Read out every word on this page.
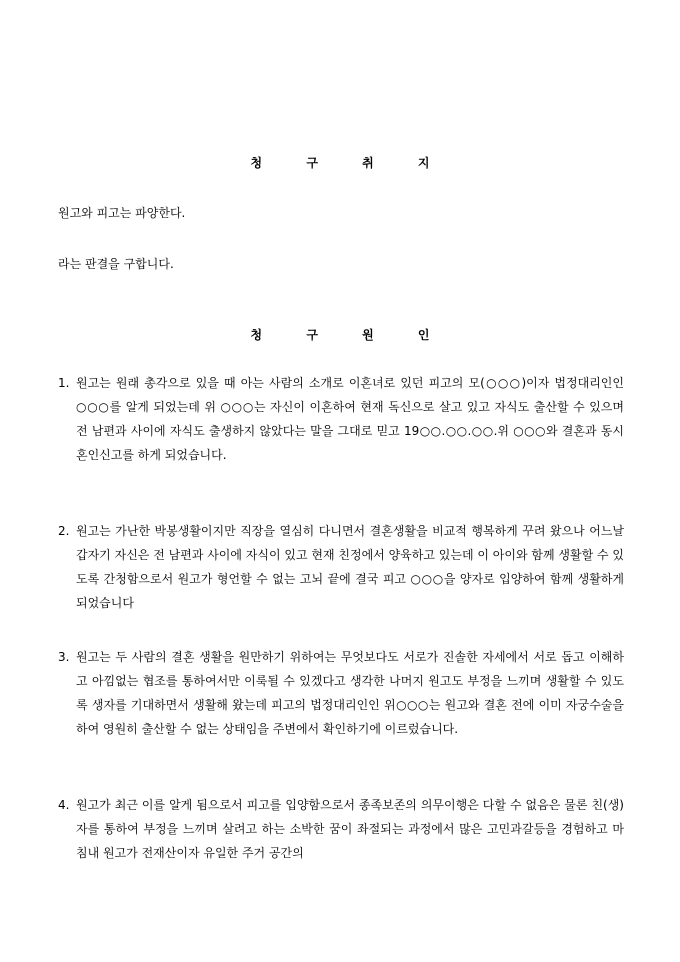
청 구 취 지
원고와 피고는 파양한다.
라는 판결을 구합니다.
청 구 원 인
1. 원고는 원래 총각으로 있을 때 아는 사람의 소개로 이혼녀로 있던 피고의 모(○○○)이자 법정대리인인 ○○○를 알게 되었는데 위 ○○○는 자신이 이혼하여 현재 독신으로 살고 있고 자식도 출산할 수 있으며 전 남편과 사이에 자식도 출생하지 않았다는 말을 그대로 믿고 19○○.○○.○○.위 ○○○와 결혼과 동시 혼인신고를 하게 되었습니다.
2. 원고는 가난한 박봉생활이지만 직장을 열심히 다니면서 결혼생활을 비교적 행복하게 꾸려 왔으나 어느날 갑자기 자신은 전 남편과 사이에 자식이 있고 현재 친정에서 양육하고 있는데 이 아이와 함께 생활할 수 있도록 간청함으로서 원고가 형언할 수 없는 고뇌 끝에 결국 피고 ○○○을 양자로 입양하여 함께 생활하게 되었습니다
3. 원고는 두 사람의 결혼 생활을 원만하기 위하여는 무엇보다도 서로가 진솔한 자세에서 서로 돕고 이해하고 아낌없는 협조를 통하여서만 이룩될 수 있겠다고 생각한 나머지 원고도 부정을 느끼며 생활할 수 있도록 생자를 기대하면서 생활해 왔는데 피고의 법정대리인인 위○○○는 원고와 결혼 전에 이미 자궁수술을 하여 영원히 출산할 수 없는 상태임을 주변에서 확인하기에 이르렀습니다.
4. 원고가 최근 이를 알게 됨으로서 피고를 입양함으로서 종족보존의 의무이행은 다할 수 없음은 물론 친(생)자를 통하여 부정을 느끼며 살려고 하는 소박한 꿈이 좌절되는 과정에서 많은 고민과갈등을 경험하고 마침내 원고가 전재산이자 유일한 주거 공간의
